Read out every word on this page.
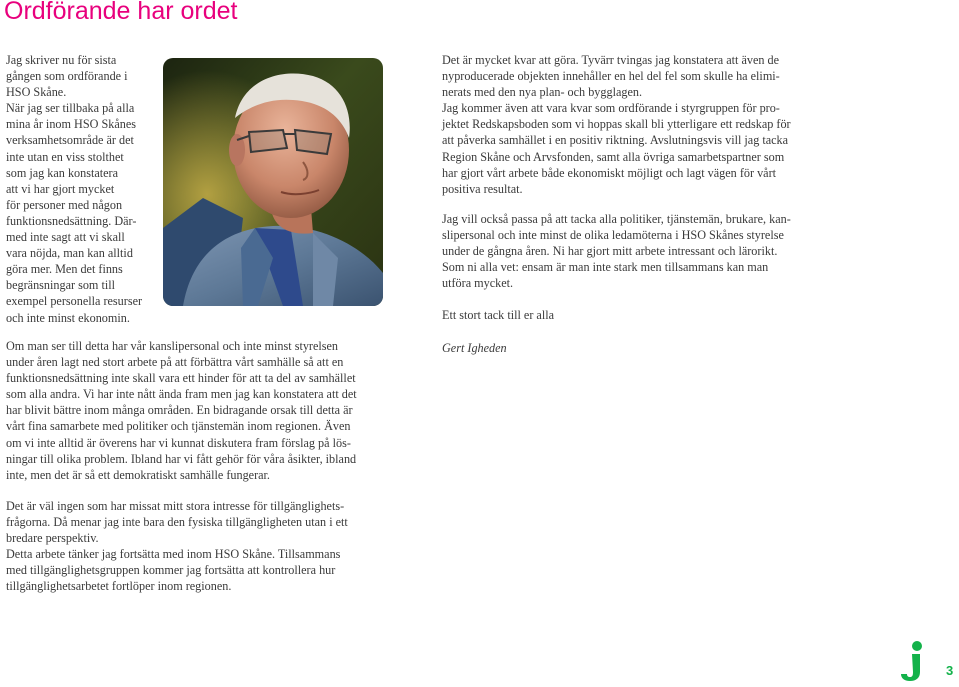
Ordförande har ordet

Jag skriver nu för sista
gången som ordförande i
HSO Skåne.
När jag ser tillbaka på alla
mina år inom HSO Skånes
verksamhetsområde är det
inte utan en viss stolthet
som jag kan konstatera
att vi har gjort mycket
för personer med någon
funktionsnedsättning. Där-
med inte sagt att vi skall
vara nöjda, man kan alltid
göra mer. Men det finns
begränsningar som till
exempel personella resurser
och inte minst ekonomin.

Om man ser till detta har vår kanslipersonal och inte minst styrelsen
under åren lagt ned stort arbete på att förbättra vårt samhälle så att en
funktionsnedsättning inte skall vara ett hinder för att ta del av samhället
som alla andra. Vi har inte nått ända fram men jag kan konstatera att det
har blivit bättre inom många områden. En bidragande orsak till detta är
vårt fina samarbete med politiker och tjänstemän inom regionen. Även
om vi inte alltid är överens har vi kunnat diskutera fram förslag på lös-
ningar till olika problem. Ibland har vi fått gehör för våra åsikter, ibland
inte, men det är så ett demokratiskt samhälle fungerar.

Det är väl ingen som har missat mitt stora intresse för tillgänglighets-
frågorna. Då menar jag inte bara den fysiska tillgängligheten utan i ett
bredare perspektiv.
Detta arbete tänker jag fortsätta med inom HSO Skåne. Tillsammans
med tillgänglighetsgruppen kommer jag fortsätta att kontrollera hur
tillgänglighetsarbetet fortlöper inom regionen.

Det är mycket kvar att göra. Tyvärr tvingas jag konstatera att även de
nyproducerade objekten innehåller en hel del fel som skulle ha elimi-
nerats med den nya plan- och bygglagen.
Jag kommer även att vara kvar som ordförande i styrgruppen för pro-
jektet Redskapsboden som vi hoppas skall bli ytterligare ett redskap för
att påverka samhället i en positiv riktning. Avslutningsvis vill jag tacka
Region Skåne och Arvsfonden, samt alla övriga samarbetspartner som
har gjort vårt arbete både ekonomiskt möjligt och lagt vägen för vårt
positiva resultat.

Jag vill också passa på att tacka alla politiker, tjänstemän, brukare, kan-
slipersonal och inte minst de olika ledamöterna i HSO Skånes styrelse
under de gångna åren. Ni har gjort mitt arbete intressant och lärorikt.
Som ni alla vet: ensam är man inte stark men tillsammans kan man
utföra mycket.

Ett stort tack till er alla

Gert Igheden

3
